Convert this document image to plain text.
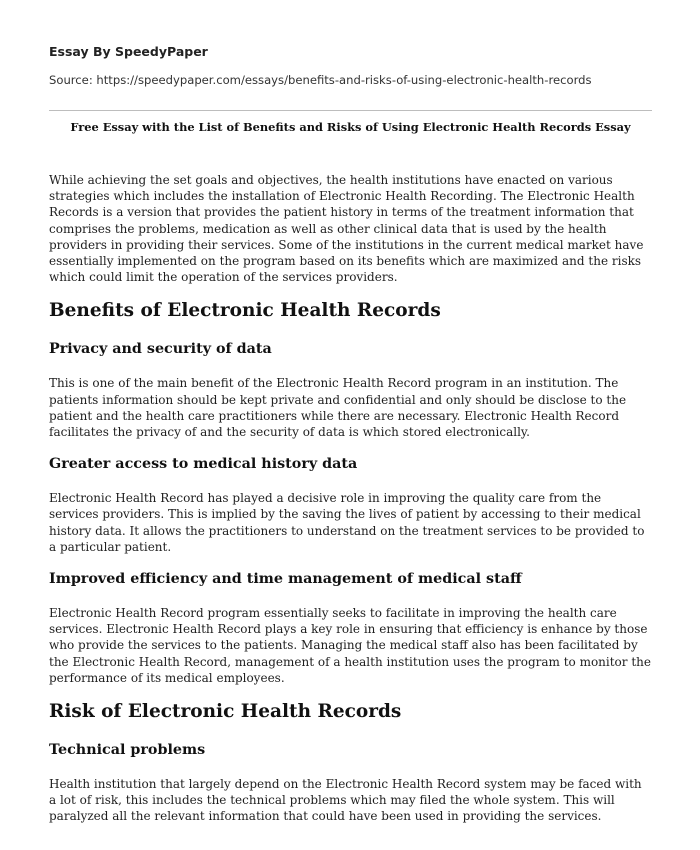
Essay By SpeedyPaper
Source: https://speedypaper.com/essays/benefits-and-risks-of-using-electronic-health-records
Free Essay with the List of Benefits and Risks of Using Electronic Health Records Essay

While achieving the set goals and objectives, the health institutions have enacted on various strategies which includes the installation of Electronic Health Recording. The Electronic Health Records is a version that provides the patient history in terms of the treatment information that comprises the problems, medication as well as other clinical data that is used by the health providers in providing their services. Some of the institutions in the current medical market have essentially implemented on the program based on its benefits which are maximized and the risks which could limit the operation of the services providers.

Benefits of Electronic Health Records
Privacy and security of data

This is one of the main benefit of the Electronic Health Record program in an institution. The patients information should be kept private and confidential and only should be disclose to the patient and the health care practitioners while there are necessary. Electronic Health Record facilitates the privacy of and the security of data is which stored electronically.

Greater access to medical history data

Electronic Health Record has played a decisive role in improving the quality care from the services providers. This is implied by the saving the lives of patient by accessing to their medical history data. It allows the practitioners to understand on the treatment services to be provided to a particular patient.

Improved efficiency and time management of medical staff

Electronic Health Record program essentially seeks to facilitate in improving the health care services. Electronic Health Record plays a key role in ensuring that efficiency is enhance by those who provide the services to the patients. Managing the medical staff also has been facilitated by the Electronic Health Record, management of a health institution uses the program to monitor the performance of its medical employees.

Risk of Electronic Health Records
Technical problems

Health institution that largely depend on the Electronic Health Record system may be faced with a lot of risk, this includes the technical problems which may filed the whole system. This will paralyzed all the relevant information that could have been used in providing the services.
